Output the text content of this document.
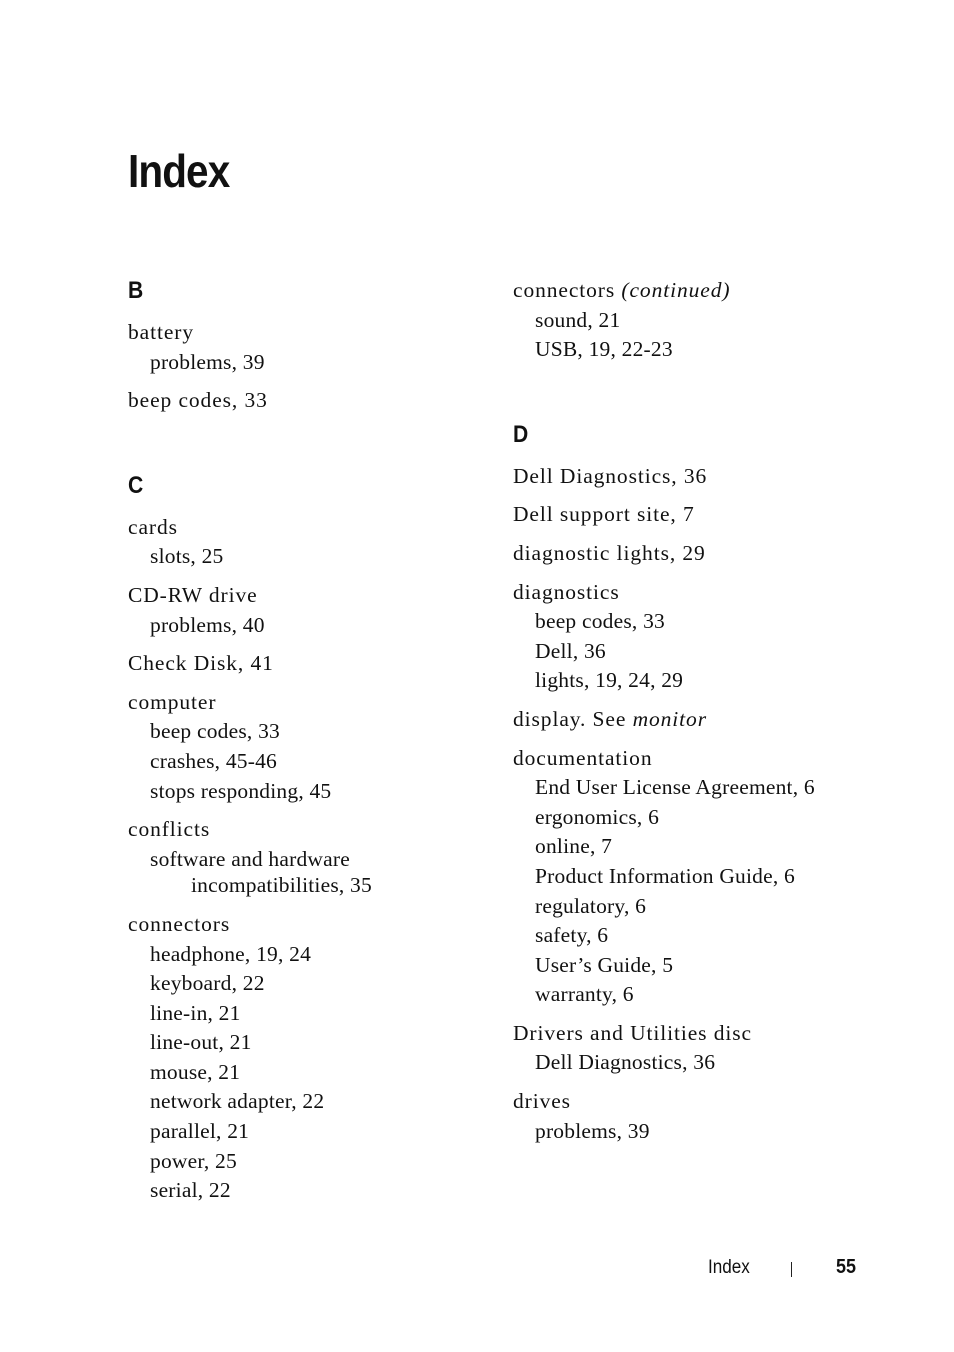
Index
B
battery
problems, 39
beep codes, 33
C
cards
slots, 25
CD-RW drive
problems, 40
Check Disk, 41
computer
beep codes, 33
crashes, 45-46
stops responding, 45
conflicts
software and hardware
incompatibilities, 35
connectors
headphone, 19, 24
keyboard, 22
line-in, 21
line-out, 21
mouse, 21
network adapter, 22
parallel, 21
power, 25
serial, 22
connectors (continued)
sound, 21
USB, 19, 22-23
D
Dell Diagnostics, 36
Dell support site, 7
diagnostic lights, 29
diagnostics
beep codes, 33
Dell, 36
lights, 19, 24, 29
display. See monitor
documentation
End User License Agreement, 6
ergonomics, 6
online, 7
Product Information Guide, 6
regulatory, 6
safety, 6
User’s Guide, 5
warranty, 6
Drivers and Utilities disc
Dell Diagnostics, 36
drives
problems, 39
Index	55
